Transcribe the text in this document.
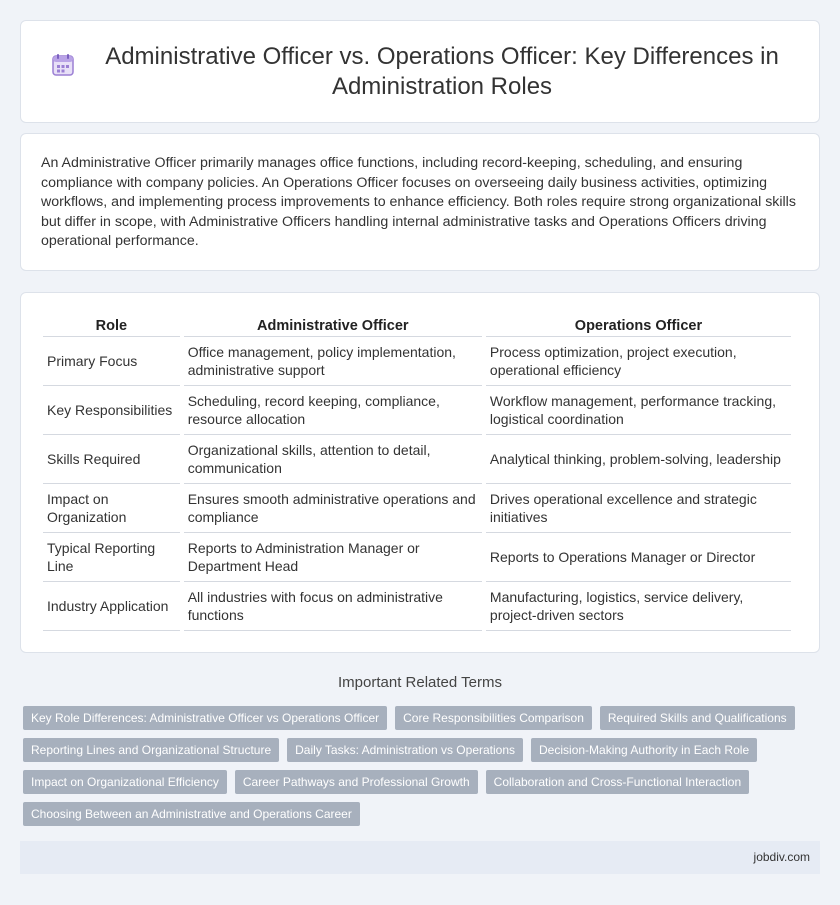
Administrative Officer vs. Operations Officer: Key Differences in Administration Roles

An Administrative Officer primarily manages office functions, including record-keeping, scheduling, and ensuring compliance with company policies. An Operations Officer focuses on overseeing daily business activities, optimizing workflows, and implementing process improvements to enhance efficiency. Both roles require strong organizational skills but differ in scope, with Administrative Officers handling internal administrative tasks and Operations Officers driving operational performance.

Role	Administrative Officer	Operations Officer
Primary Focus	Office management, policy implementation, administrative support	Process optimization, project execution, operational efficiency
Key Responsibilities	Scheduling, record keeping, compliance, resource allocation	Workflow management, performance tracking, logistical coordination
Skills Required	Organizational skills, attention to detail, communication	Analytical thinking, problem-solving, leadership
Impact on Organization	Ensures smooth administrative operations and compliance	Drives operational excellence and strategic initiatives
Typical Reporting Line	Reports to Administration Manager or Department Head	Reports to Operations Manager or Director
Industry Application	All industries with focus on administrative functions	Manufacturing, logistics, service delivery, project-driven sectors
Important Related Terms
Key Role Differences: Administrative Officer vs Operations Officer	Core Responsibilities Comparison	Required Skills and Qualifications
Reporting Lines and Organizational Structure	Daily Tasks: Administration vs Operations	Decision-Making Authority in Each Role
Impact on Organizational Efficiency	Career Pathways and Professional Growth	Collaboration and Cross-Functional Interaction
Choosing Between an Administrative and Operations Career
jobdiv.com
